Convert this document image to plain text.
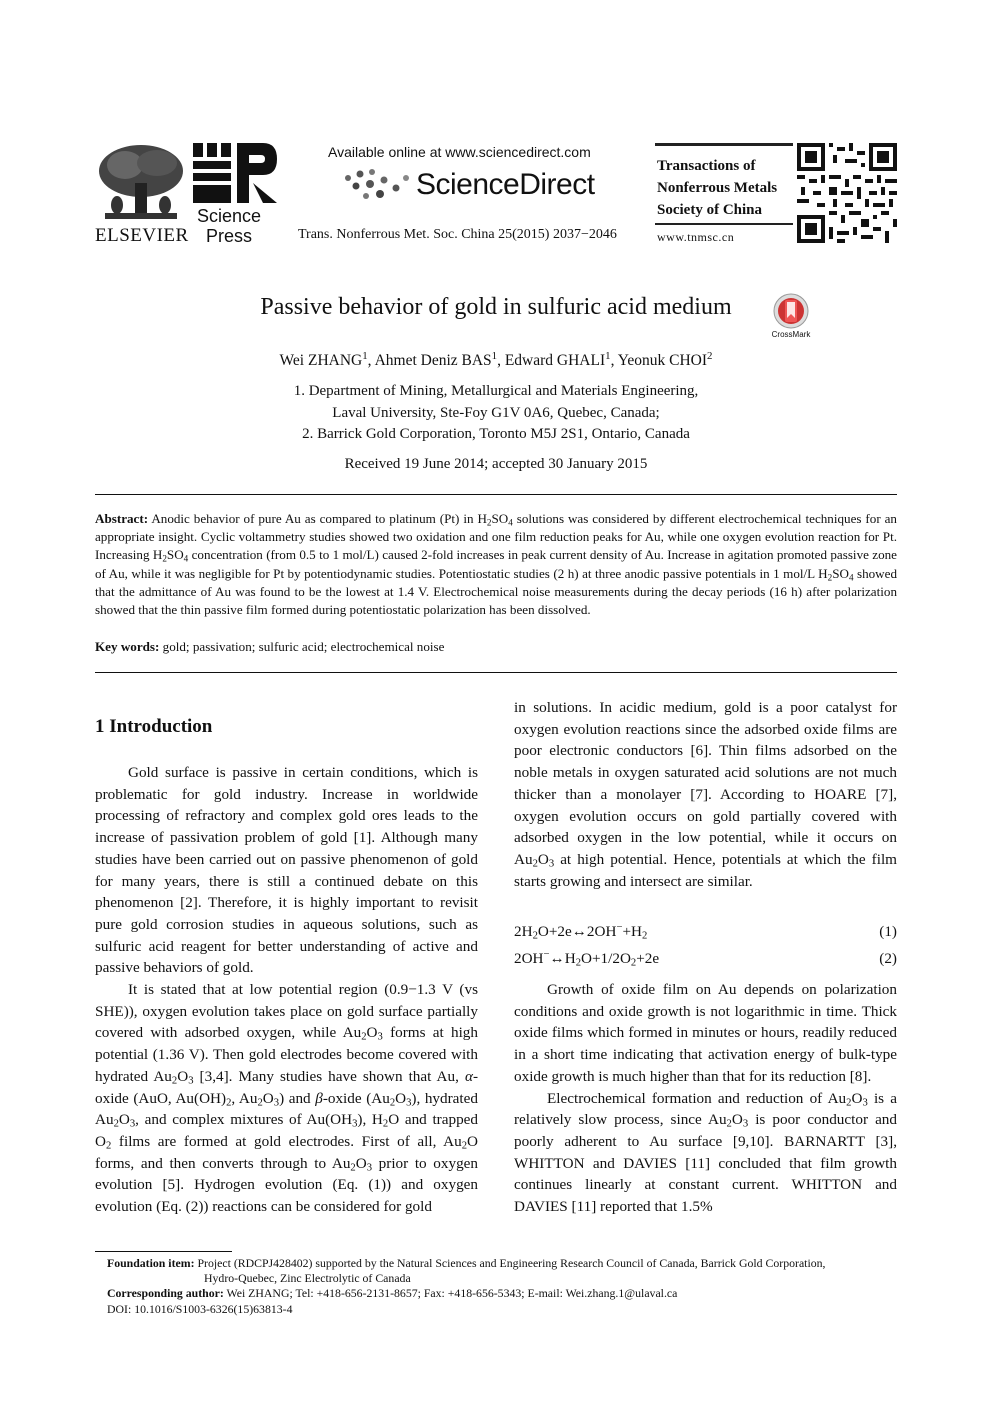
ELSEVIER
Science
Press
Available online at www.sciencedirect.com
ScienceDirect
Trans. Nonferrous Met. Soc. China 25(2015) 2037−2046
Transactions of
Nonferrous Metals
Society of China
www.tnmsc.cn
Passive behavior of gold in sulfuric acid medium
CrossMark
Wei ZHANG$^1$, Ahmet Deniz BAS$^1$, Edward GHALI$^1$, Yeonuk CHOI$^2$
1. Department of Mining, Metallurgical and Materials Engineering,
Laval University, Ste-Foy G1V 0A6, Quebec, Canada;
2. Barrick Gold Corporation, Toronto M5J 2S1, Ontario, Canada
Received 19 June 2014; accepted 30 January 2015
Abstract: Anodic behavior of pure Au as compared to platinum (Pt) in $H_2SO_4$ solutions was considered by different electrochemical techniques for an appropriate insight. Cyclic voltammetry studies showed two oxidation and one film reduction peaks for Au, while one oxygen evolution reaction for Pt. Increasing $H_2SO_4$ concentration (from 0.5 to 1 mol/L) caused 2-fold increases in peak current density of Au. Increase in agitation promoted passive zone of Au, while it was negligible for Pt by potentiodynamic studies. Potentiostatic studies (2 h) at three anodic passive potentials in 1 mol/L $H_2SO_4$ showed that the admittance of Au was found to be the lowest at 1.4 V. Electrochemical noise measurements during the decay periods (16 h) after polarization showed that the thin passive film formed during potentiostatic polarization has been dissolved.
Key words: gold; passivation; sulfuric acid; electrochemical noise
1 Introduction

Gold surface is passive in certain conditions, which is problematic for gold industry. Increase in worldwide processing of refractory and complex gold ores leads to the increase of passivation problem of gold [1]. Although many studies have been carried out on passive phenomenon of gold for many years, there is still a continued debate on this phenomenon [2]. Therefore, it is highly important to revisit pure gold corrosion studies in aqueous solutions, such as sulfuric acid reagent for better understanding of active and passive behaviors of gold.

It is stated that at low potential region (0.9−1.3 V (vs SHE)), oxygen evolution takes place on gold surface partially covered with adsorbed oxygen, while $Au_2O_3$ forms at high potential (1.36 V). Then gold electrodes become covered with hydrated $Au_2O_3$ [3,4]. Many studies have shown that Au, α-oxide (AuO, $Au(OH)_2$, $Au_2O_3$) and β-oxide $(Au_2O_3)$, hydrated $Au_2O_3$, and complex mixtures of $Au(OH_3)$, $H_2O$ and trapped $O_2$ films are formed at gold electrodes. First of all, $Au_2O$ forms, and then converts through to $Au_2O_3$ prior to oxygen evolution [5]. Hydrogen evolution (Eq. (1)) and oxygen evolution (Eq. (2)) reactions can be considered for gold

in solutions. In acidic medium, gold is a poor catalyst for oxygen evolution reactions since the adsorbed oxide films are poor electronic conductors [6]. Thin films adsorbed on the noble metals in oxygen saturated acid solutions are not much thicker than a monolayer [7]. According to HOARE [7], oxygen evolution occurs on gold partially covered with adsorbed oxygen in the low potential, while it occurs on $Au_2O_3$ at high potential. Hence, potentials at which the film starts growing and intersect are similar.

$2H_2O+2e\leftrightarrow 2OH^-+H_2$	(1)
$2OH^-\leftrightarrow H_2O+1/2O_2+2e$	(2)

Growth of oxide film on Au depends on polarization conditions and oxide growth is not logarithmic in time. Thick oxide films which formed in minutes or hours, readily reduced in a short time indicating that activation energy of bulk-type oxide growth is much higher than that for its reduction [8].

Electrochemical formation and reduction of $Au_2O_3$ is a relatively slow process, since $Au_2O_3$ is poor conductor and poorly adherent to Au surface [9,10]. BARNARTT [3], WHITTON and DAVIES [11] concluded that film growth continues linearly at constant current. WHITTON and DAVIES [11] reported that 1.5%

Foundation item: Project (RDCPJ428402) supported by the Natural Sciences and Engineering Research Council of Canada, Barrick Gold Corporation,
Hydro-Quebec, Zinc Electrolytic of Canada
Corresponding author: Wei ZHANG; Tel: +418-656-2131-8657; Fax: +418-656-5343; E-mail: Wei.zhang.1@ulaval.ca
DOI: 10.1016/S1003-6326(15)63813-4
